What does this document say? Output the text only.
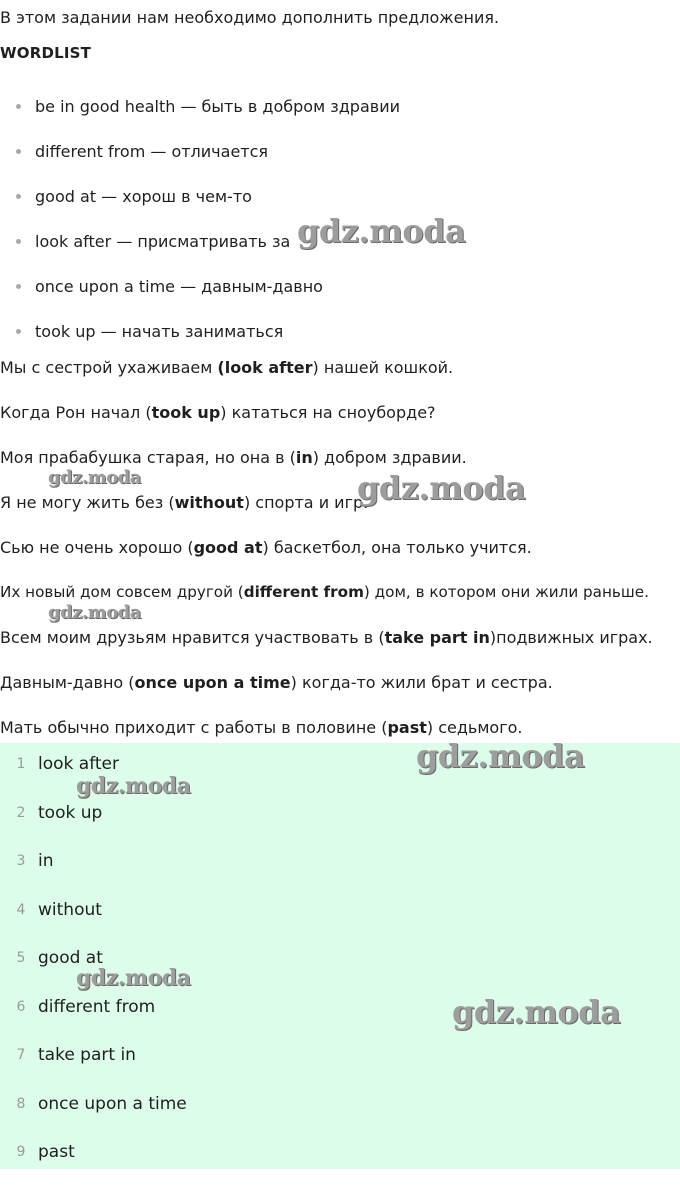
В этом задании нам необходимо дополнить предложения.

WORDLIST
be in good health — быть в добром здравии
different from — отличается
good at — хорош в чем-то
look after — присматривать за
once upon a time — давным-давно
took up — начать заниматься
Мы с сестрой ухаживаем (look after) нашей кошкой.
Когда Рон начал (took up) кататься на сноуборде?
Моя прабабушка старая, но она в (in) добром здравии.
Я не могу жить без (without) спорта и игр.
Сью не очень хорошо (good at) баскетбол, она только учится.
Их новый дом совсем другой (different from) дом, в котором они жили раньше.
Всем моим друзьям нравится участвовать в (take part in)подвижных играх.
Давным-давно (once upon a time) когда-то жили брат и сестра.
Мать обычно приходит с работы в половине (past) седьмого.
1 look after
2 took up
3 in
4 without
5 good at
6 different from
7 take part in
8 once upon a time
9 past
gdz.moda
gdz.moda	gdz.moda
gdz.moda
gdz.moda
gdz.moda
gdz.moda
gdz.moda
